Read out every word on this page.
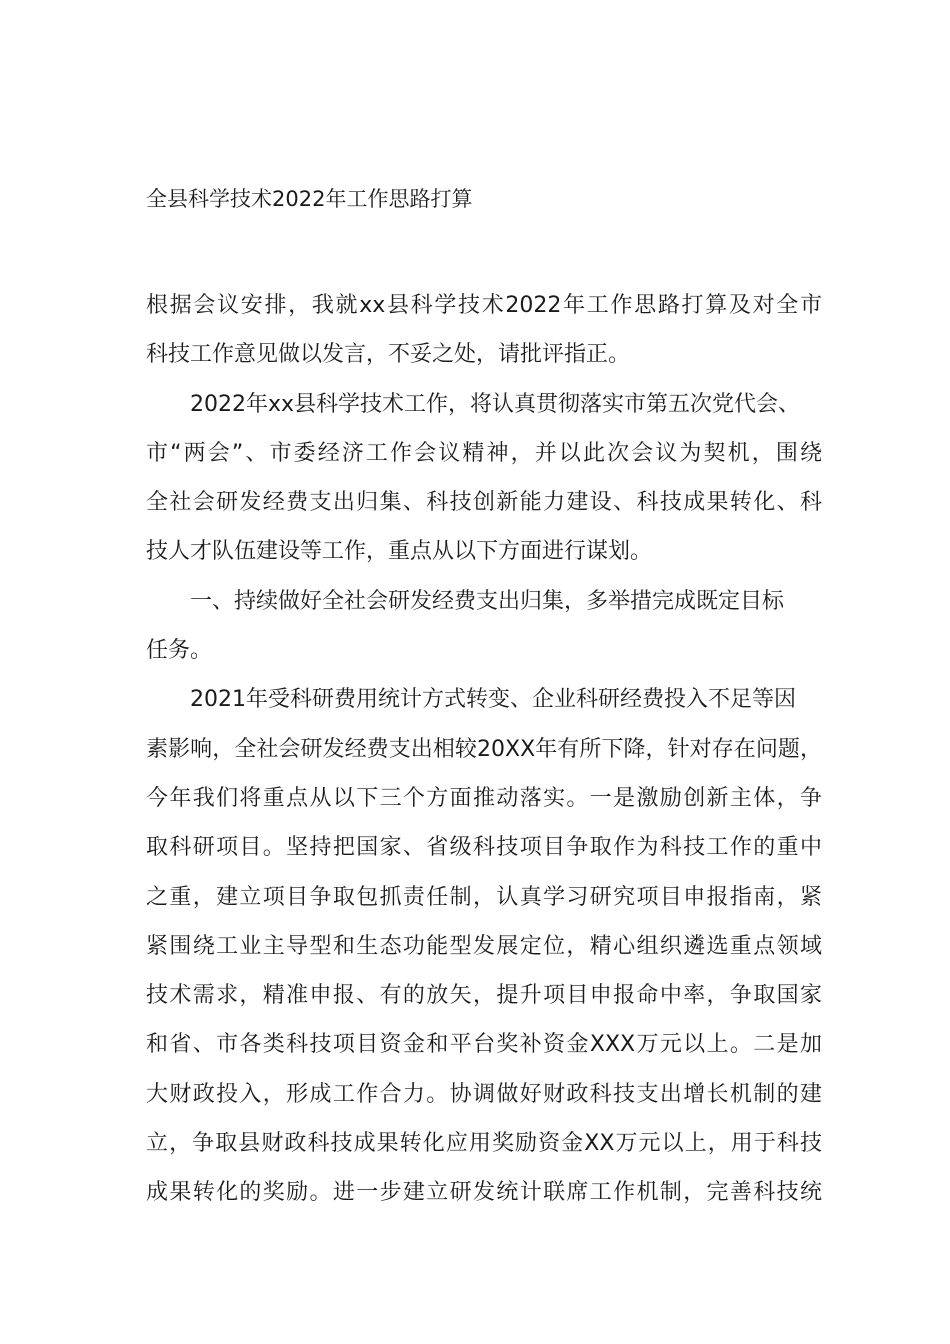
全县科学技术2022年工作思路打算
根据会议安排，我就xx县科学技术2022年工作思路打算及对全市
科技工作意见做以发言，不妥之处，请批评指正。
2022年xx县科学技术工作，将认真贯彻落实市第五次党代会、
市“两会”、市委经济工作会议精神，并以此次会议为契机，围绕
全社会研发经费支出归集、科技创新能力建设、科技成果转化、科
技人才队伍建设等工作，重点从以下方面进行谋划。
一、持续做好全社会研发经费支出归集，多举措完成既定目标
任务。
2021年受科研费用统计方式转变、企业科研经费投入不足等因
素影响，全社会研发经费支出相较20XX年有所下降，针对存在问题，
今年我们将重点从以下三个方面推动落实。一是激励创新主体，争
取科研项目。坚持把国家、省级科技项目争取作为科技工作的重中
之重，建立项目争取包抓责任制，认真学习研究项目申报指南，紧
紧围绕工业主导型和生态功能型发展定位，精心组织遴选重点领域
技术需求，精准申报、有的放矢，提升项目申报命中率，争取国家
和省、市各类科技项目资金和平台奖补资金XXX万元以上。二是加
大财政投入，形成工作合力。协调做好财政科技支出增长机制的建
立，争取县财政科技成果转化应用奖励资金XX万元以上，用于科技
成果转化的奖励。进一步建立研发统计联席工作机制，完善科技统
